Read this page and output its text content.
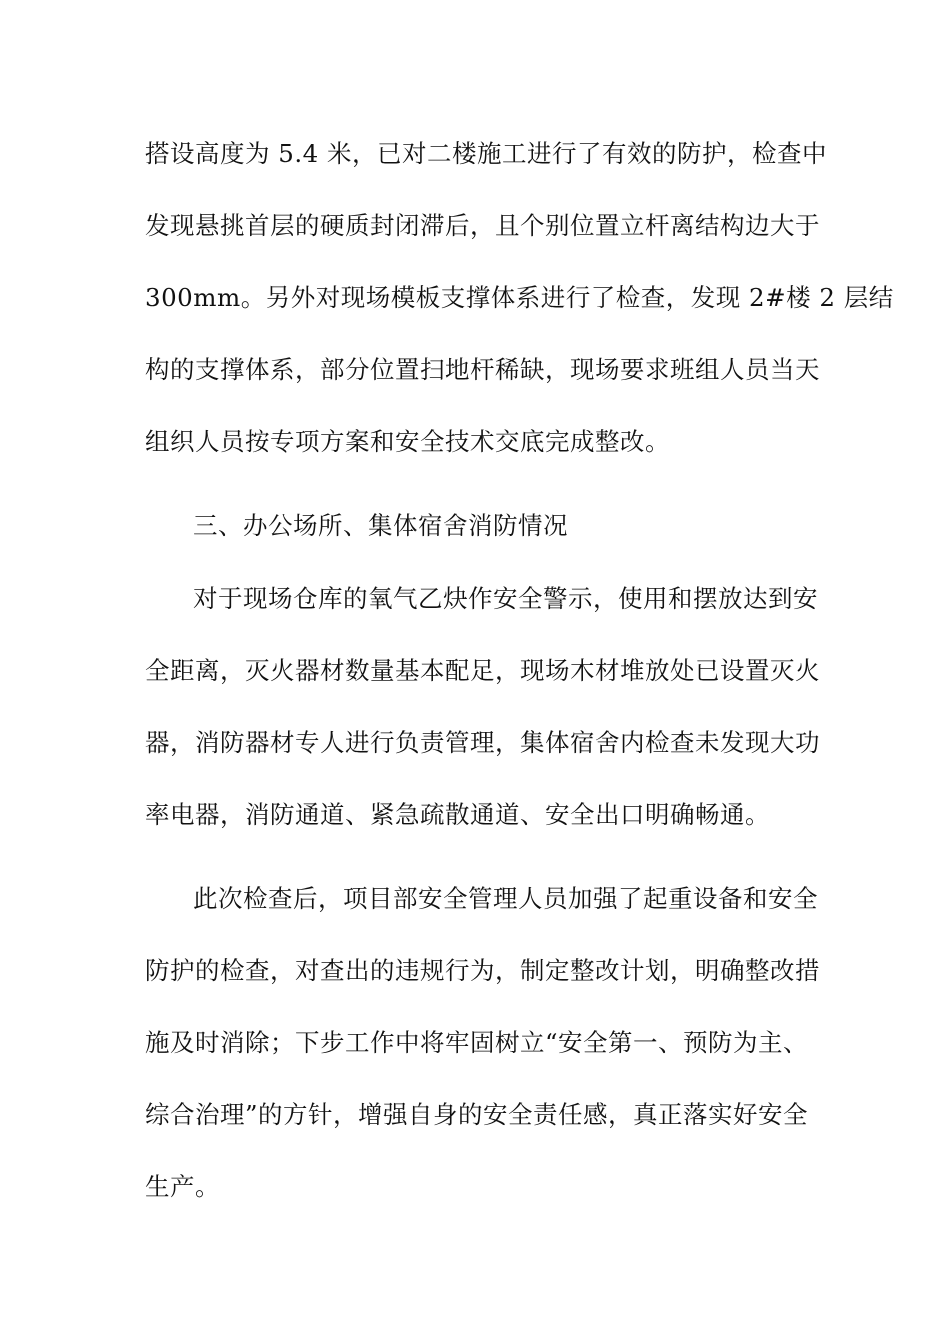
搭设高度为 5.4 米，已对二楼施工进行了有效的防护，检查中
发现悬挑首层的硬质封闭滞后，且个别位置立杆离结构边大于
300mm。另外对现场模板支撑体系进行了检查，发现 2#楼 2 层结
构的支撑体系，部分位置扫地杆稀缺，现场要求班组人员当天
组织人员按专项方案和安全技术交底完成整改。
三、办公场所、集体宿舍消防情况
对于现场仓库的氧气乙炔作安全警示，使用和摆放达到安
全距离，灭火器材数量基本配足，现场木材堆放处已设置灭火
器，消防器材专人进行负责管理，集体宿舍内检查未发现大功
率电器，消防通道、紧急疏散通道、安全出口明确畅通。
此次检查后，项目部安全管理人员加强了起重设备和安全
防护的检查，对查出的违规行为，制定整改计划，明确整改措
施及时消除；下步工作中将牢固树立“安全第一、预防为主、
综合治理”的方针，增强自身的安全责任感，真正落实好安全
生产。
